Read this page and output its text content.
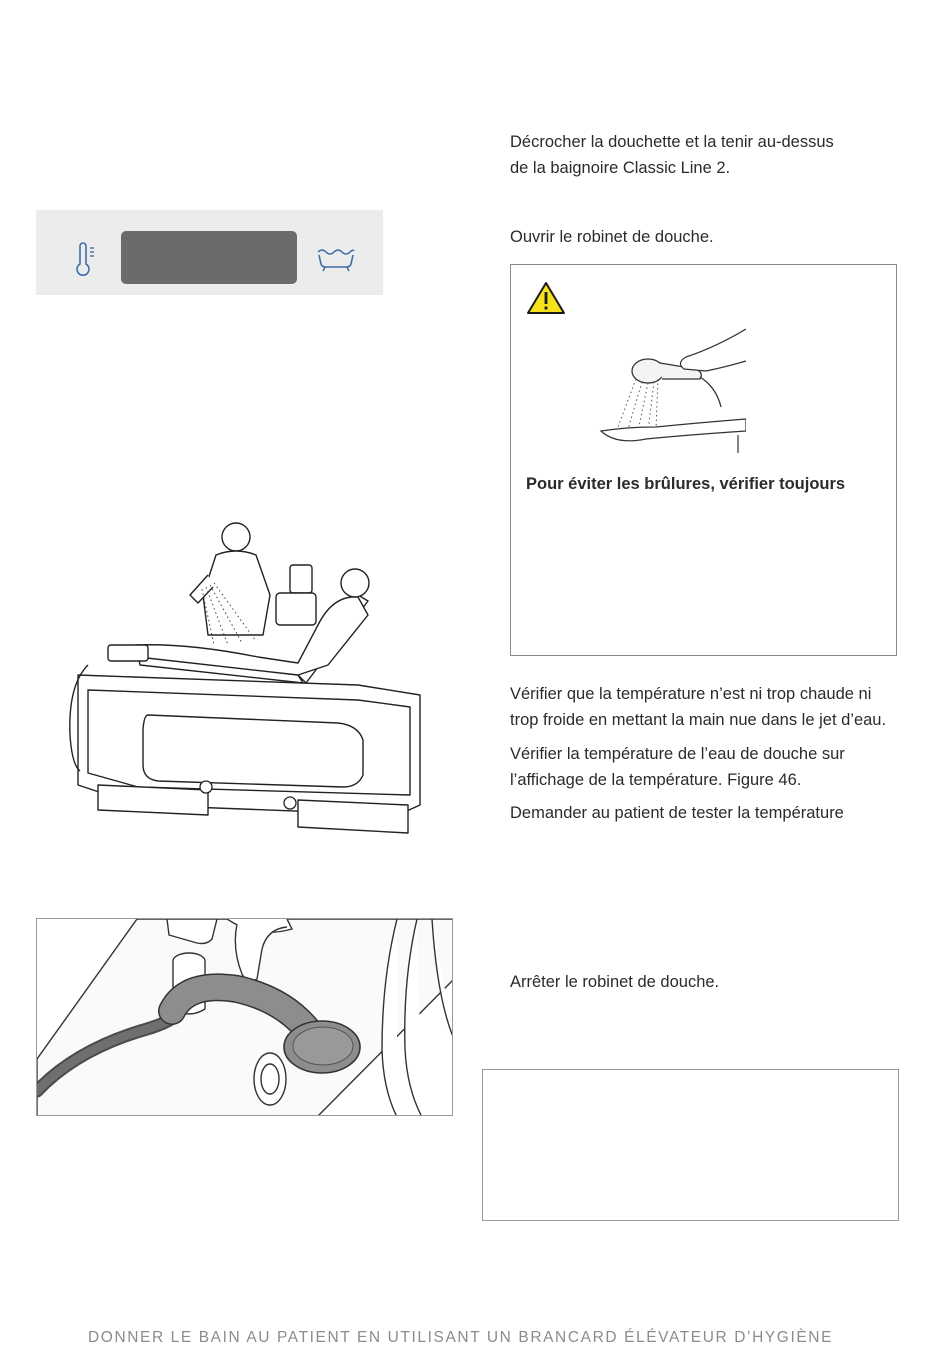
Décrocher la douchette et la tenir au-dessus
de la baignoire Classic Line 2.
Ouvrir le robinet de douche.
Pour éviter les brûlures, vérifier toujours
Vérifier que la température n’est ni trop chaude ni
trop froide en mettant la main nue dans le jet d’eau.
Vérifier la température de l’eau de douche sur
l’affichage de la température. Figure 46.
Demander au patient de tester la température
Arrêter le robinet de douche.
DONNER LE BAIN AU PATIENT EN UTILISANT UN BRANCARD ÉLÉVATEUR D’HYGIÈNE
